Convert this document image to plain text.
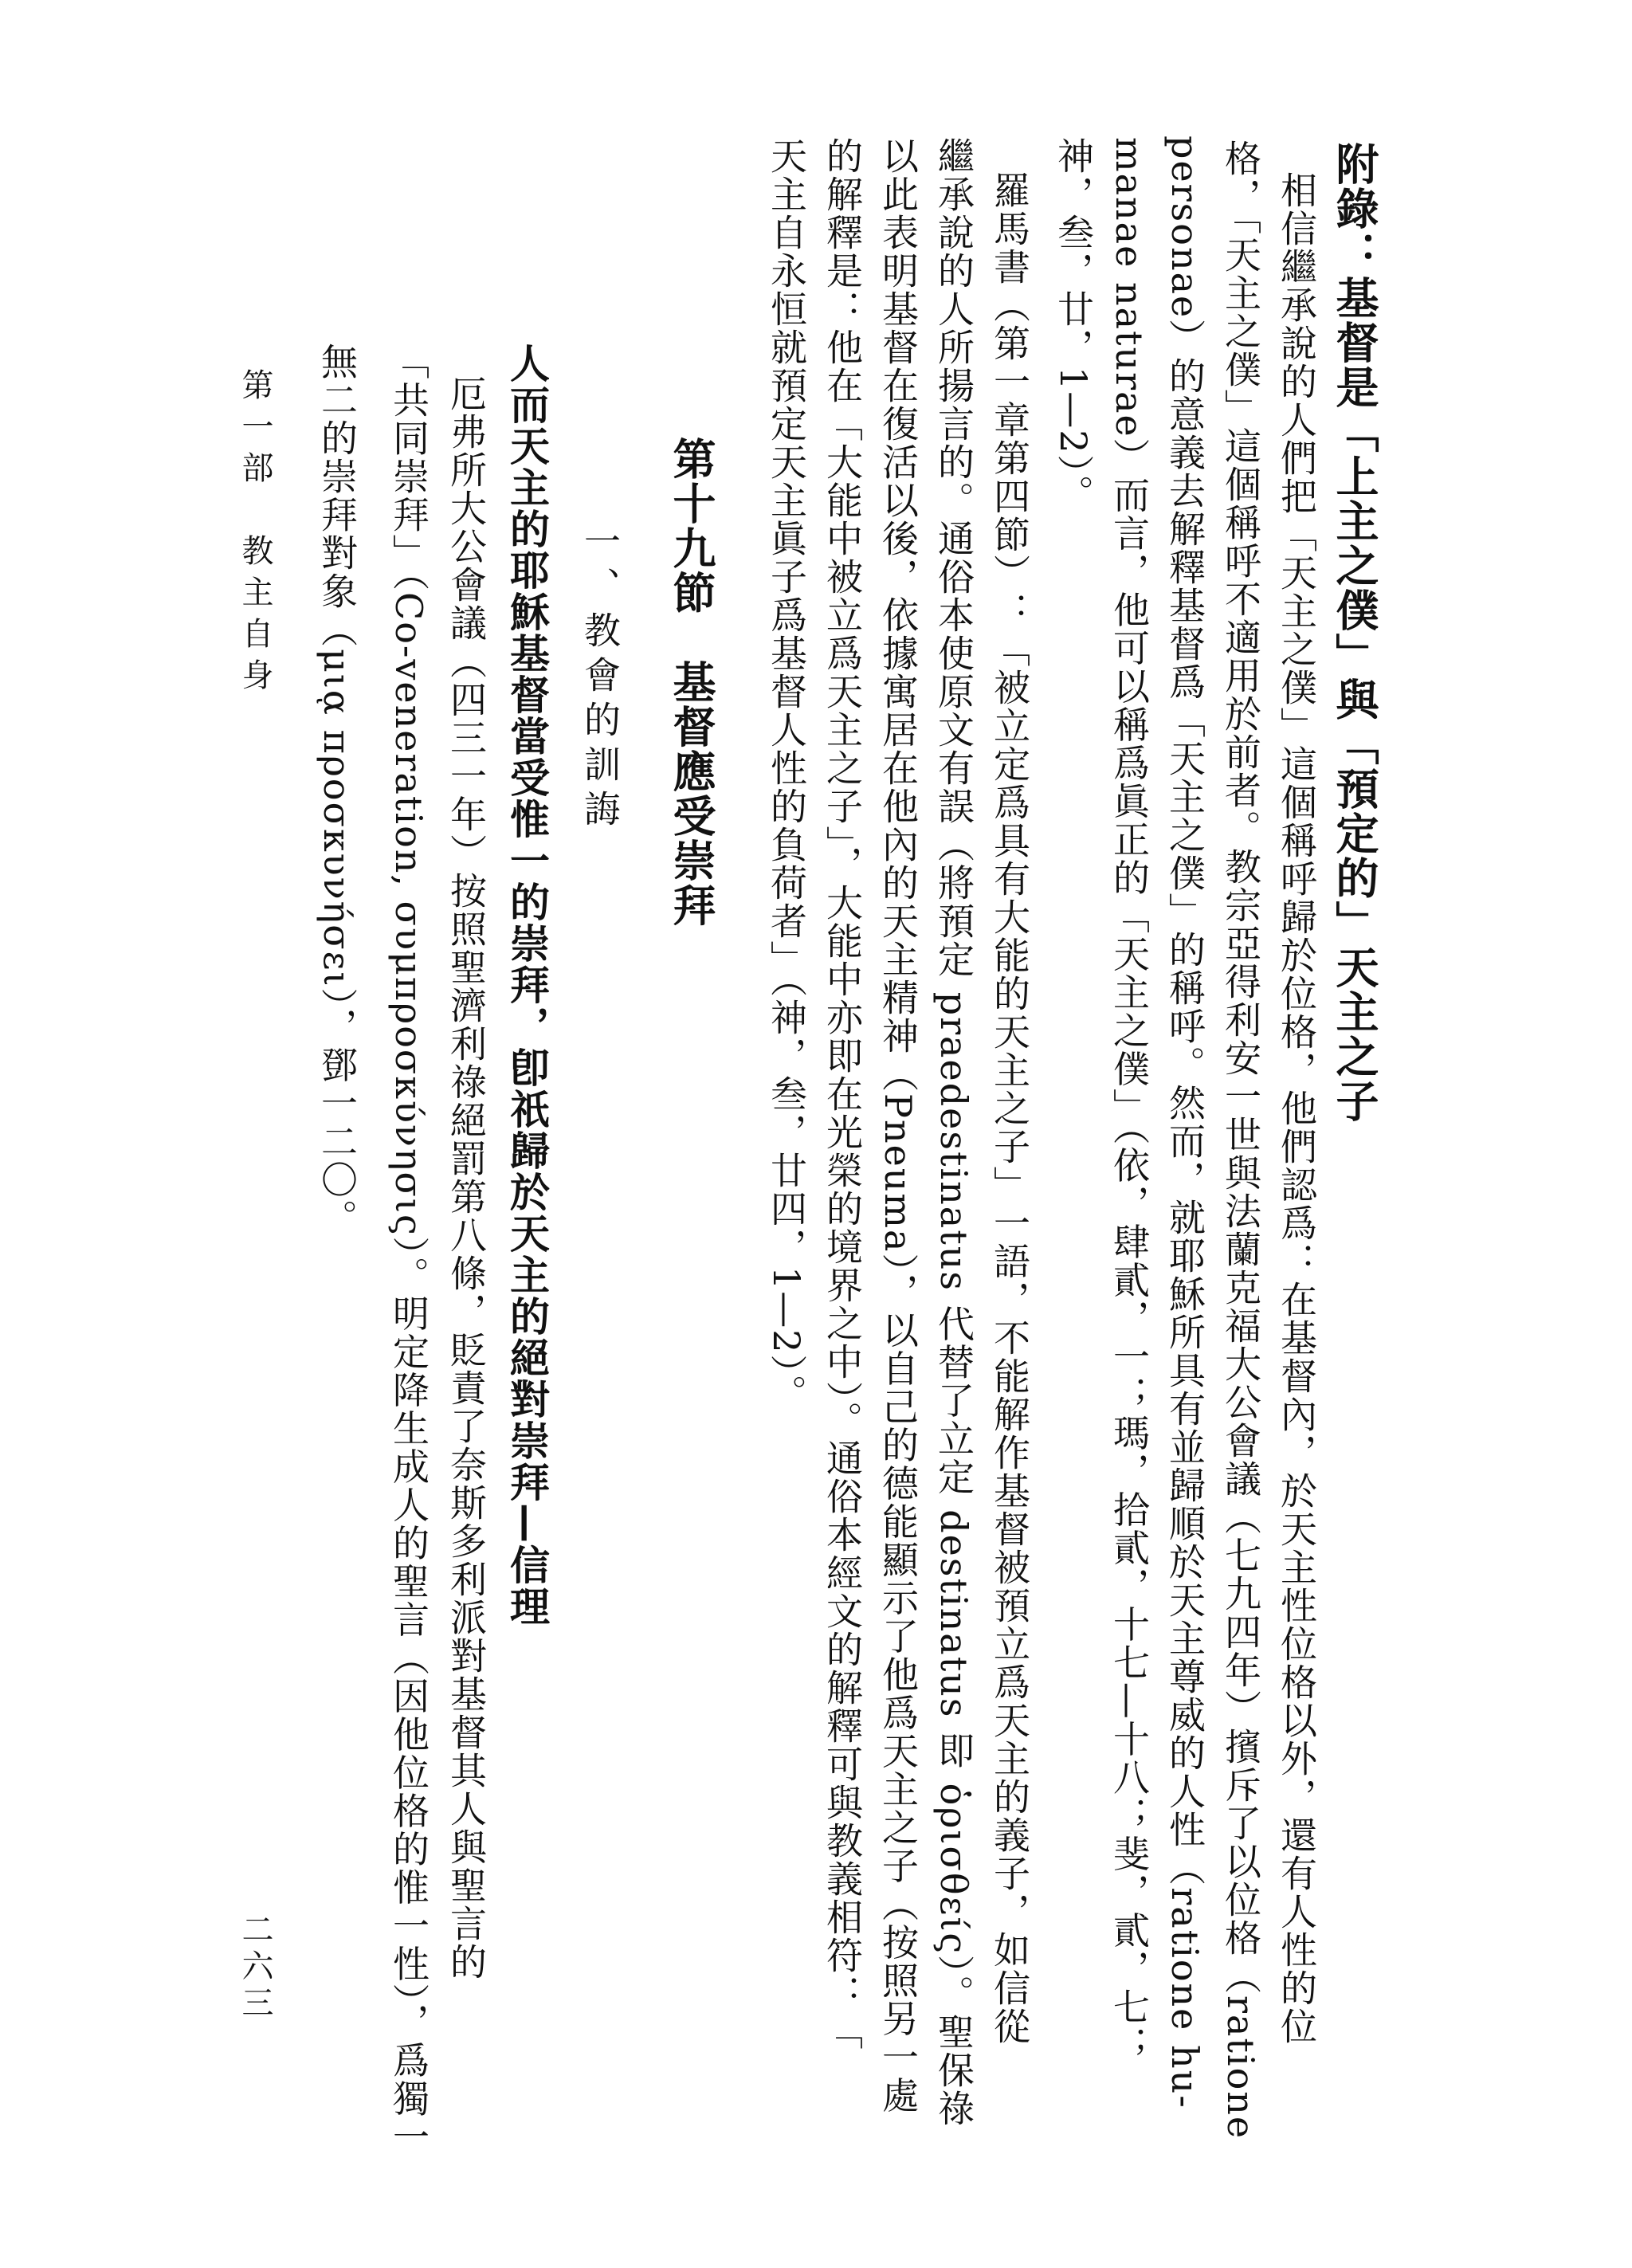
附錄：基督是「上主之僕」與「預定的」天主之子
相信繼承說的人們把「天主之僕」這個稱呼歸於位格，他們認爲：在基督內，於天主性位格以外，還有人性的位
格，「天主之僕」這個稱呼不適用於前者。教宗亞得利安一世與法蘭克福大公會議（七九四年）擯斥了以位格（ratione
personae）的意義去解釋基督爲「天主之僕」的稱呼。然而，就耶穌所具有並歸順於天主尊威的人性（ratione hu-
manae naturae）而言，他可以稱爲眞正的「天主之僕」（依，肆貳，一；瑪，拾貳，十七—十八；斐，貳，七；
神，叁，廿，1—2）。
羅馬書（第一章第四節）：「被立定爲具有大能的天主之子」一語，不能解作基督被預立爲天主的義子，如信從
繼承說的人所揚言的。通俗本使原文有誤（將預定 praedestinatus 代替了立定 destinatus 即 ὁρισθείς）。聖保祿
以此表明基督在復活以後，依據寓居在他內的天主精神（Pneuma），以自己的德能顯示了他爲天主之子（按照另一處
的解釋是：他在「大能中被立爲天主之子」，大能中亦即在光榮的境界之中）。通俗本經文的解釋可與教義相符：「
天主自永恒就預定天主眞子爲基督人性的負荷者」（神，叁，廿四，1—2）。
第十九節　基督應受崇拜
一、教會的訓誨
人而天主的耶穌基督當受惟一的崇拜，卽祇歸於天主的絕對崇拜—信理
厄弗所大公會議（四三一年）按照聖濟利祿絕罰第八條，貶責了奈斯多利派對基督其人與聖言的
「共同崇拜」（Co-veneration, συμπροσκύνησις）。明定降生成人的聖言（因他位格的惟一性），爲獨一
無二的崇拜對象（μιᾳ προσκυνήσει），鄧一二〇。
第一部　教主自身
二六三
